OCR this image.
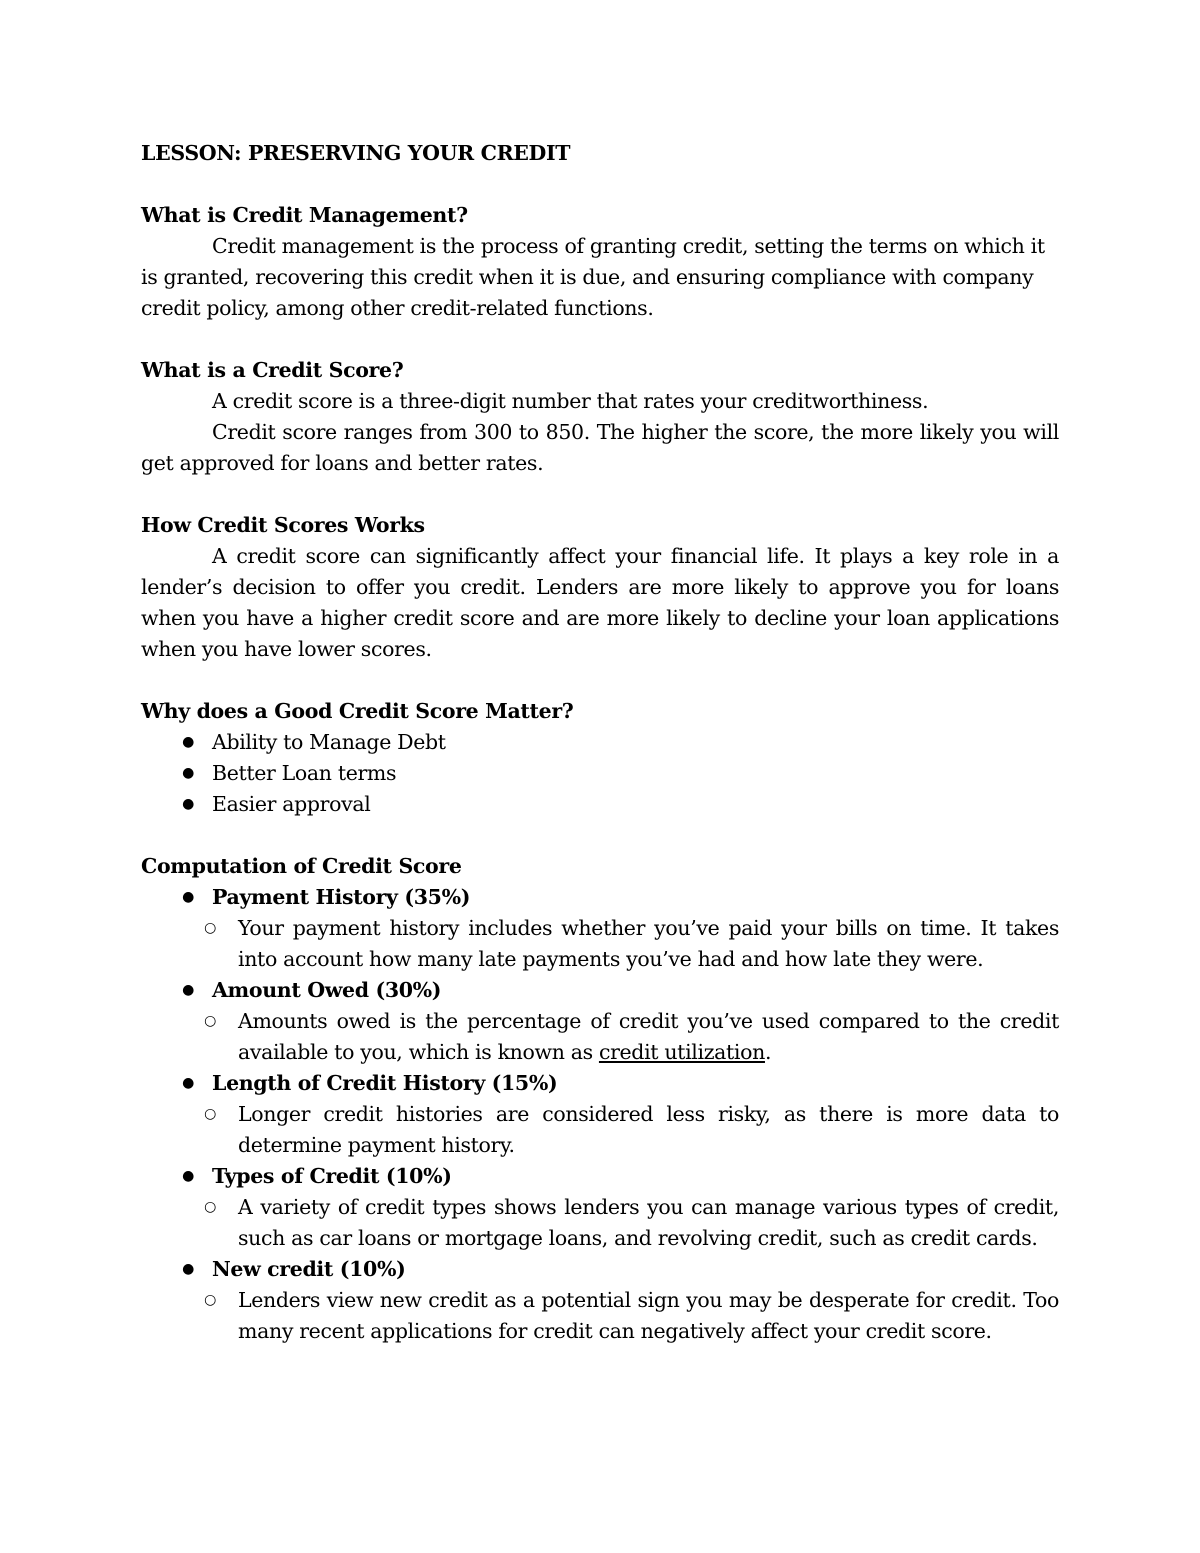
LESSON: PRESERVING YOUR CREDIT

What is Credit Management?

Credit management is the process of granting credit, setting the terms on which it is granted, recovering this credit when it is due, and ensuring compliance with company credit policy, among other credit-related functions.

What is a Credit Score?

A credit score is a three-digit number that rates your creditworthiness.

Credit score ranges from 300 to 850. The higher the score, the more likely you will get approved for loans and better rates.

How Credit Scores Works

A credit score can significantly affect your financial life. It plays a key role in a lender’s decision to offer you credit. Lenders are more likely to approve you for loans when you have a higher credit score and are more likely to decline your loan applications when you have lower scores.

Why does a Good Credit Score Matter?

● Ability to Manage Debt
● Better Loan terms
● Easier approval

Computation of Credit Score

● Payment History (35%)
○ Your payment history includes whether you’ve paid your bills on time. It takes into account how many late payments you’ve had and how late they were.
● Amount Owed (30%)
○ Amounts owed is the percentage of credit you’ve used compared to the credit available to you, which is known as credit utilization.
● Length of Credit History (15%)
○ Longer credit histories are considered less risky, as there is more data to determine payment history.
● Types of Credit (10%)
○ A variety of credit types shows lenders you can manage various types of credit, such as car loans or mortgage loans, and revolving credit, such as credit cards.
● New credit (10%)
○ Lenders view new credit as a potential sign you may be desperate for credit. Too many recent applications for credit can negatively affect your credit score.
